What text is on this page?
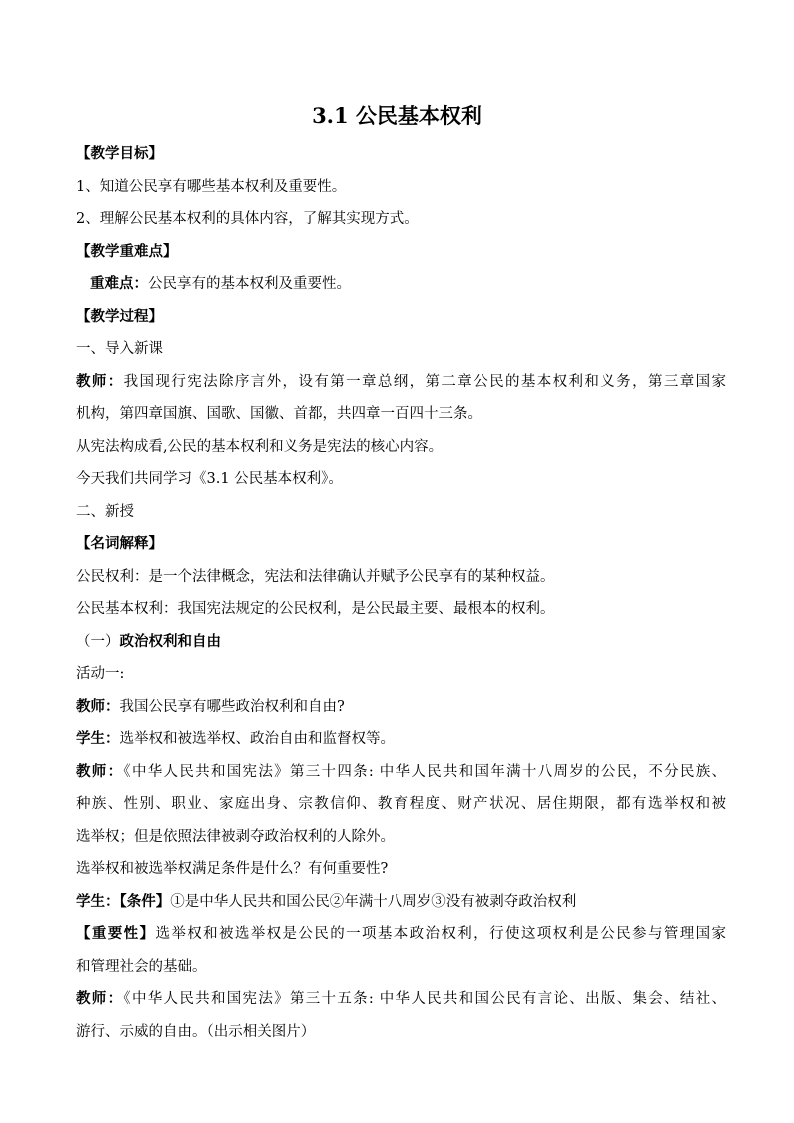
3.1 公民基本权利
【教学目标】
1、知道公民享有哪些基本权利及重要性。
2、理解公民基本权利的具体内容，了解其实现方式。
【教学重难点】
重难点：公民享有的基本权利及重要性。
【教学过程】
一、导入新课
教师：我国现行宪法除序言外，设有第一章总纲，第二章公民的基本权利和义务，第三章国家
机构，第四章国旗、国歌、国徽、首都，共四章一百四十三条。
从宪法构成看,公民的基本权利和义务是宪法的核心内容。
今天我们共同学习《3.1 公民基本权利》。
二、新授
【名词解释】
公民权利：是一个法律概念，宪法和法律确认并赋予公民享有的某种权益。
公民基本权利：我国宪法规定的公民权利，是公民最主要、最根本的权利。
（一）政治权利和自由
活动一:
教师：我国公民享有哪些政治权利和自由?
学生：选举权和被选举权、政治自由和监督权等。
教师：《中华人民共和国宪法》第三十四条: 中华人民共和国年满十八周岁的公民，不分民族、
种族、性别、职业、家庭出身、宗教信仰、教育程度、财产状况、居住期限，都有选举权和被
选举权；但是依照法律被剥夺政治权利的人除外。
选举权和被选举权满足条件是什么？有何重要性?
学生：【条件】①是中华人民共和国公民②年满十八周岁③没有被剥夺政治权利
【重要性】选举权和被选举权是公民的一项基本政治权利，行使这项权利是公民参与管理国家
和管理社会的基础。
教师：《中华人民共和国宪法》第三十五条: 中华人民共和国公民有言论、出版、集会、结社、
游行、示威的自由。（出示相关图片）
